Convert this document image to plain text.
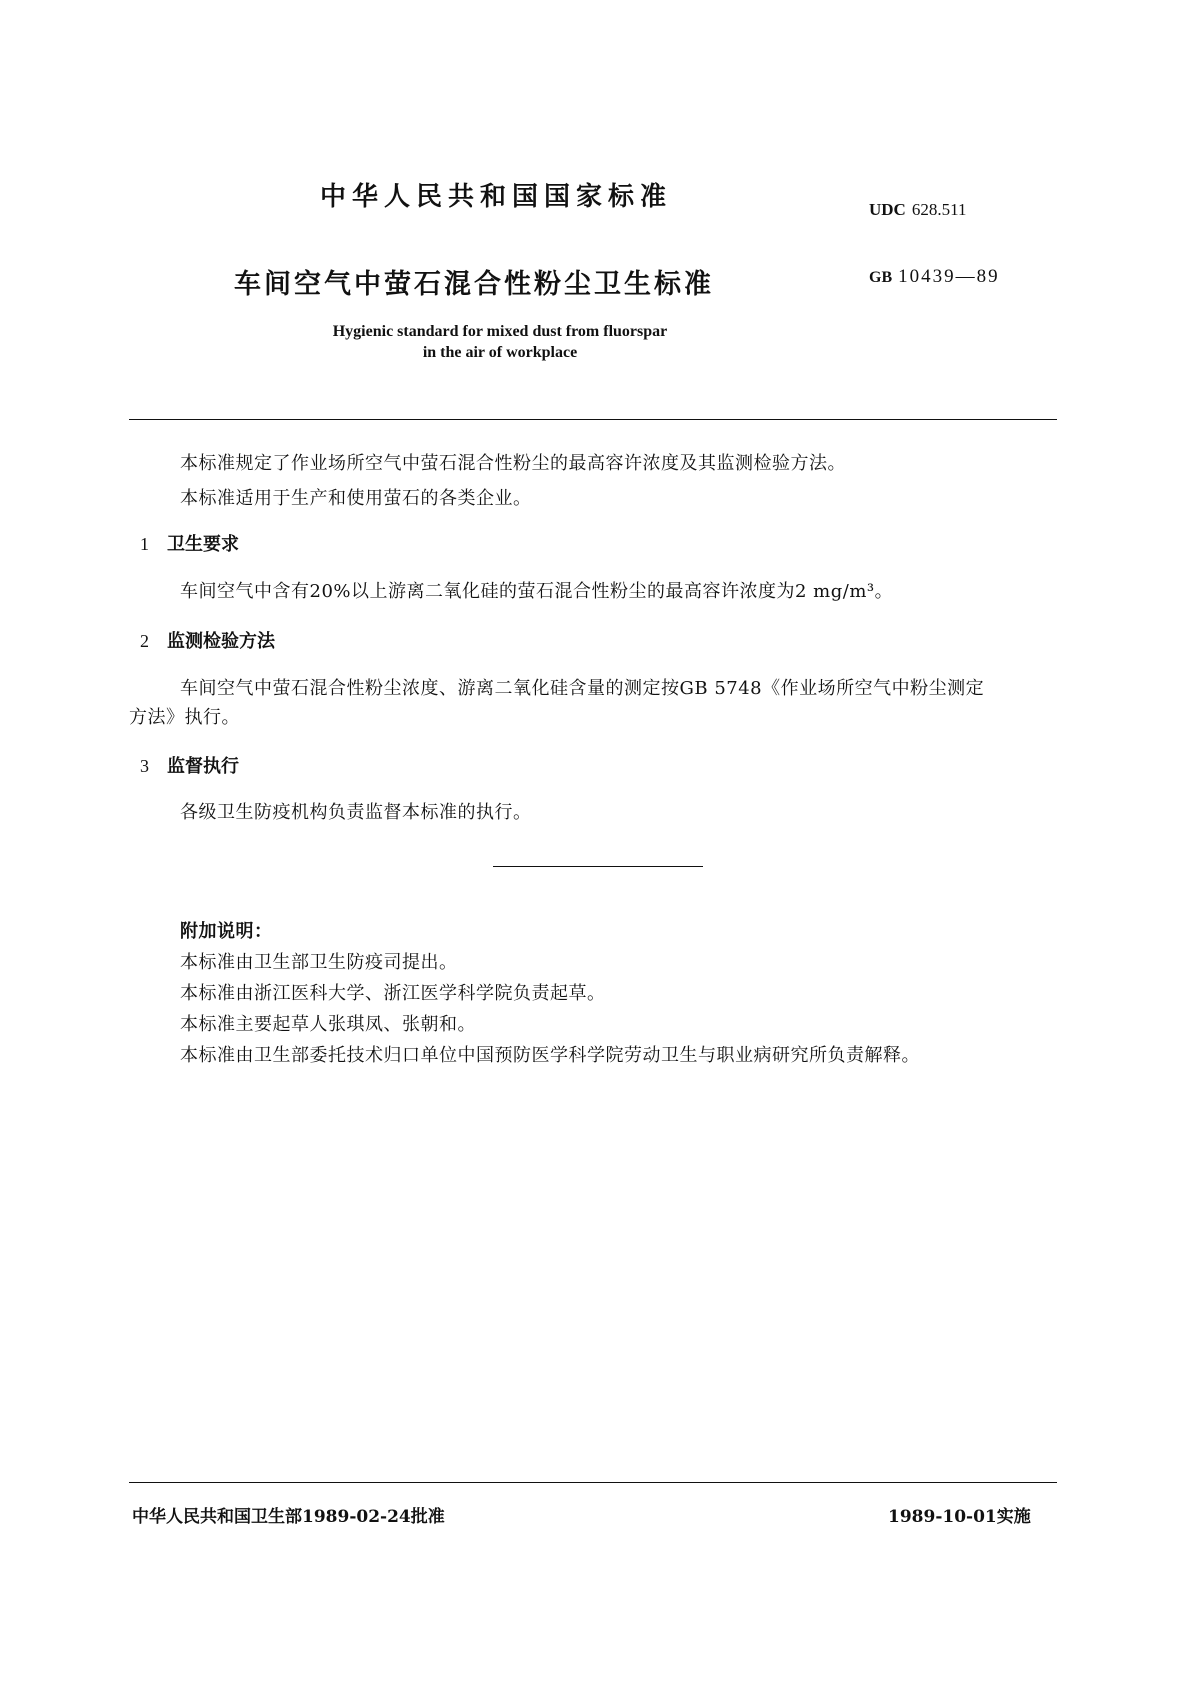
中华人民共和国国家标准	UDC 628.511
车间空气中萤石混合性粉尘卫生标准	GB 10439—89
Hygienic standard for mixed dust from fluorspar
in the air of workplace
本标准规定了作业场所空气中萤石混合性粉尘的最高容许浓度及其监测检验方法。
本标准适用于生产和使用萤石的各类企业。
1 卫生要求
车间空气中含有20%以上游离二氧化硅的萤石混合性粉尘的最高容许浓度为2 mg/m³。
2 监测检验方法
车间空气中萤石混合性粉尘浓度、游离二氧化硅含量的测定按GB 5748《作业场所空气中粉尘测定
方法》执行。
3 监督执行
各级卫生防疫机构负责监督本标准的执行。
附加说明：
本标准由卫生部卫生防疫司提出。
本标准由浙江医科大学、浙江医学科学院负责起草。
本标准主要起草人张琪凤、张朝和。
本标准由卫生部委托技术归口单位中国预防医学科学院劳动卫生与职业病研究所负责解释。
中华人民共和国卫生部1989-02-24批准	1989-10-01实施
